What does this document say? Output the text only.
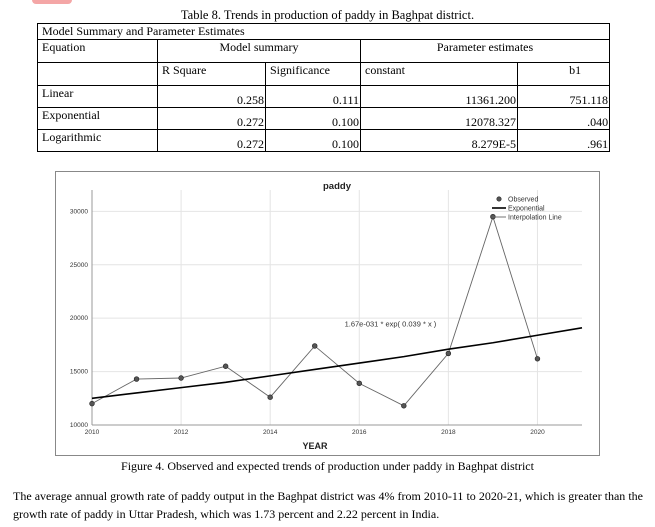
Table 8. Trends in production of paddy in Baghpat district.
Model Summary and Parameter Estimates				
Equation	Model summary		Parameter estimates	
	R Square	Significance	constant	b1
Linear	0.258	0.111	11361.200	751.118
Exponential	0.272	0.100	12078.327	.040
Logarithmic	0.272	0.100	8.279E-5	.961
2010	2012	2014	2016	2018	2020
10000
15000
20000
25000
30000
paddy
YEAR
1.67e-031 * exp( 0.039 * x )
Observed
Exponential
Interpolation Line
Figure 4. Observed and expected trends of production under paddy in Baghpat district
The average annual growth rate of paddy output in the Baghpat district was 4% from 2010-11 to 2020-21, which is greater than the growth rate of paddy in Uttar Pradesh, which was 1.73 percent and 2.22 percent in India.
